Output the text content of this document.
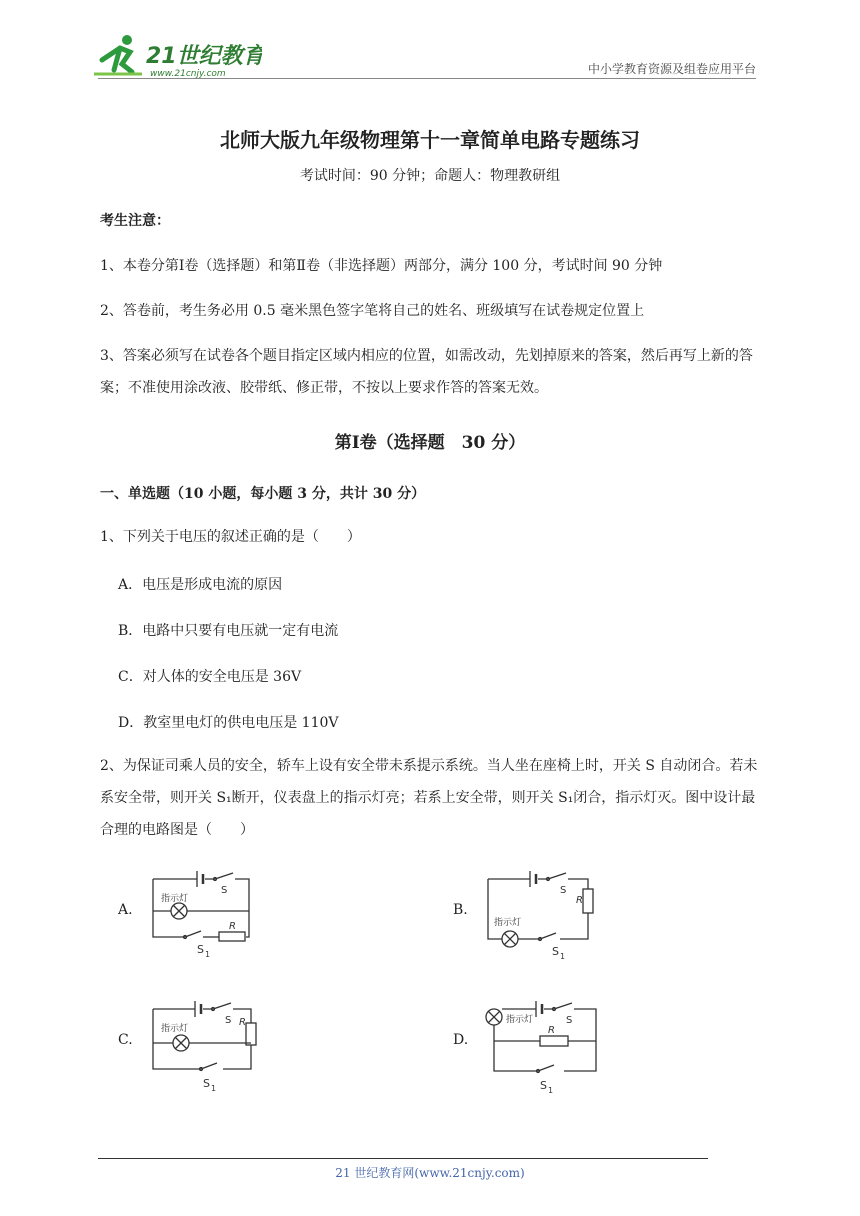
21世纪教育
www.21cnjy.com	中小学教育资源及组卷应用平台
北师大版九年级物理第十一章简单电路专题练习
考试时间：90 分钟；命题人：物理教研组
考生注意：
1、本卷分第Ⅰ卷（选择题）和第Ⅱ卷（非选择题）两部分，满分 100 分，考试时间 90 分钟
2、答卷前，考生务必用 0.5 毫米黑色签字笔将自己的姓名、班级填写在试卷规定位置上
3、答案必须写在试卷各个题目指定区域内相应的位置，如需改动，先划掉原来的答案，然后再写上新的答案；不准使用涂改液、胶带纸、修正带，不按以上要求作答的答案无效。
第Ⅰ卷（选择题　30 分）
一、单选题（10 小题，每小题 3 分，共计 30 分）
1、下列关于电压的叙述正确的是（　　）
A．电压是形成电流的原因
B．电路中只要有电压就一定有电流
C．对人体的安全电压是 36V
D．教室里电灯的供电电压是 110V
2、为保证司乘人员的安全，轿车上设有安全带未系提示系统。当人坐在座椅上时，开关 S 自动闭合。若未系安全带，则开关 S₁断开，仪表盘上的指示灯亮；若系上安全带，则开关 S₁闭合，指示灯灭。图中设计最合理的电路图是（　　）
A.	B.
C.	D.
指示灯
S
R
S 1
指示灯
S
R
S 1
指示灯
S R
S 1
指示灯	S
R
S 1
21 世纪教育网(www.21cnjy.com)
